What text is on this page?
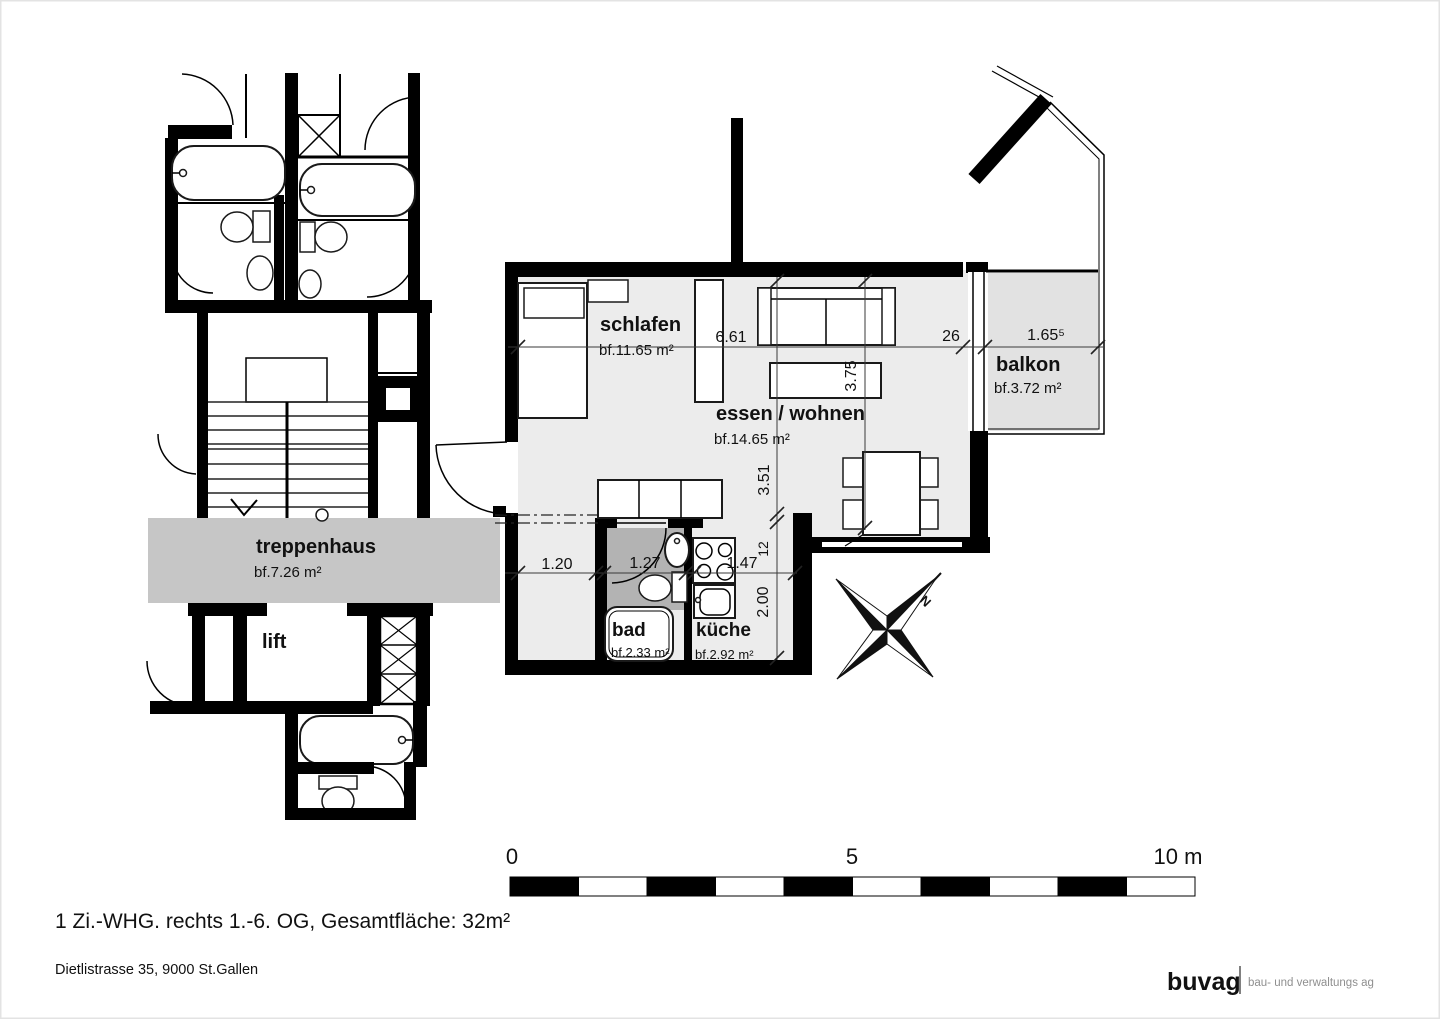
treppenhaus
bf.7.26 m²
lift
schlafen
bf.11.65 m²
essen / wohnen
bf.14.65 m²
bad
bf.2.33 m²
küche
bf.2.92 m²
balkon
bf.3.72 m²
6.61	26	1.65⁵
1.20	1.27	1.47
3.51
12
2.00
3.75
N
0	5	10 m
1 Zi.-WHG. rechts 1.-6. OG, Gesamtfläche: 32m²
Dietlistrasse 35, 9000 St.Gallen	buvag bau- und verwaltungs ag
